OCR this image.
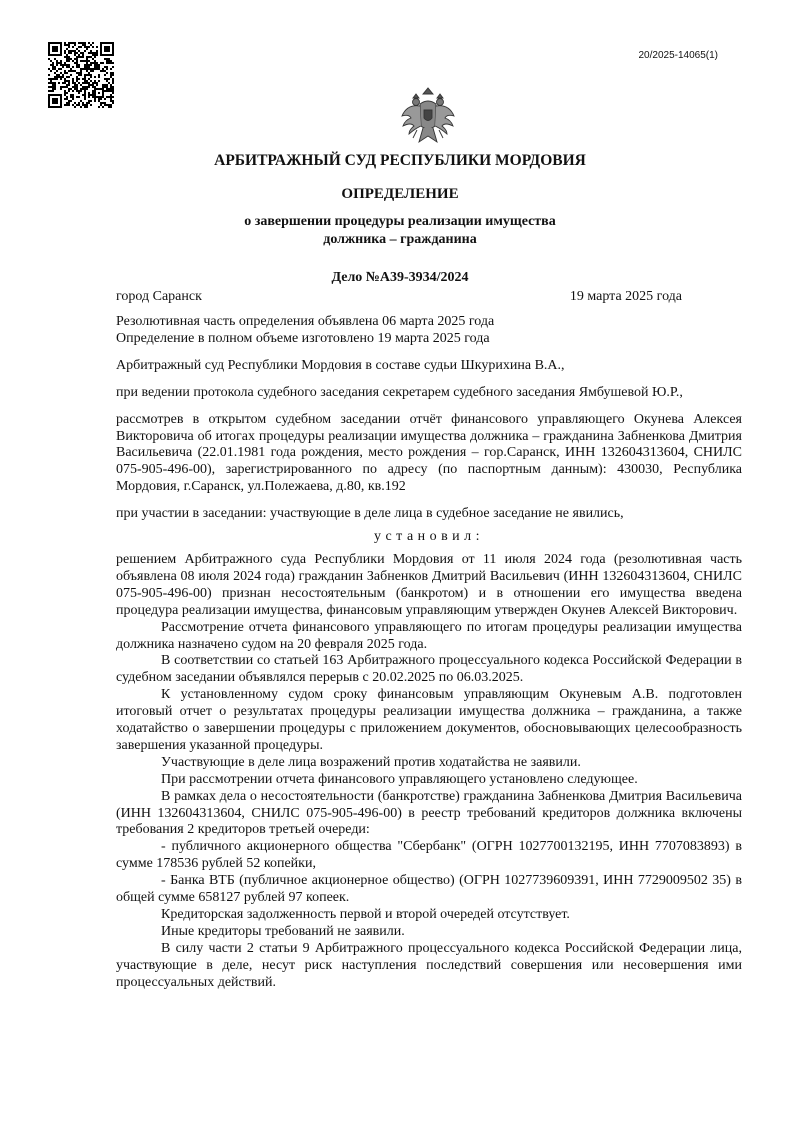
20/2025-14065(1)
АРБИТРАЖНЫЙ СУД РЕСПУБЛИКИ МОРДОВИЯ
ОПРЕДЕЛЕНИЕ
о завершении процедуры реализации имущества
должника – гражданина
Дело №А39-3934/2024
город Саранск	19 марта 2025 года

Резолютивная часть определения объявлена 06 марта 2025 года

Определение в полном объеме изготовлено 19 марта 2025 года

Арбитражный суд Республики Мордовия в составе судьи Шкурихина В.А.,

при ведении протокола судебного заседания секретарем судебного заседания Ямбушевой Ю.Р.,

рассмотрев в открытом судебном заседании отчёт финансового управляющего Окунева Алексея Викторовича об итогах процедуры реализации имущества должника – гражданина Забненкова Дмитрия Васильевича (22.01.1981 года рождения, место рождения – гор.Саранск, ИНН 132604313604, СНИЛС 075-905-496-00), зарегистрированного по адресу (по паспортным данным): 430030, Республика Мордовия, г.Саранск, ул.Полежаева, д.80, кв.192

при участии в заседании: участвующие в деле лица в судебное заседание не явились,

установил:

решением Арбитражного суда Республики Мордовия от 11 июля 2024 года (резолютивная часть объявлена 08 июля 2024 года) гражданин Забненков Дмитрий Васильевич (ИНН 132604313604, СНИЛС 075-905-496-00) признан несостоятельным (банкротом) и в отношении его имущества введена процедура реализации имущества, финансовым управляющим утвержден Окунев Алексей Викторович.

Рассмотрение отчета финансового управляющего по итогам процедуры реализации имущества должника назначено судом на 20 февраля 2025 года.

В соответствии со статьей 163 Арбитражного процессуального кодекса Российской Федерации в судебном заседании объявлялся перерыв с 20.02.2025 по 06.03.2025.

К установленному судом сроку финансовым управляющим Окуневым А.В. подготовлен итоговый отчет о результатах процедуры реализации имущества должника – гражданина, а также ходатайство о завершении процедуры с приложением документов, обосновывающих целесообразность завершения указанной процедуры.

Участвующие в деле лица возражений против ходатайства не заявили.

При рассмотрении отчета финансового управляющего установлено следующее.

В рамках дела о несостоятельности (банкротстве) гражданина Забненкова Дмитрия Васильевича (ИНН 132604313604, СНИЛС 075-905-496-00) в реестр требований кредиторов должника включены требования 2 кредиторов третьей очереди:

- публичного акционерного общества "Сбербанк" (ОГРН 1027700132195, ИНН 7707083893) в сумме 178536 рублей 52 копейки,

- Банка ВТБ (публичное акционерное общество) (ОГРН 1027739609391, ИНН 7729009502 35) в общей сумме 658127 рублей 97 копеек.

Кредиторская задолженность первой и второй очередей отсутствует.

Иные кредиторы требований не заявили.

В силу части 2 статьи 9 Арбитражного процессуального кодекса Российской Федерации лица, участвующие в деле, несут риск наступления последствий совершения или несовершения ими процессуальных действий.
